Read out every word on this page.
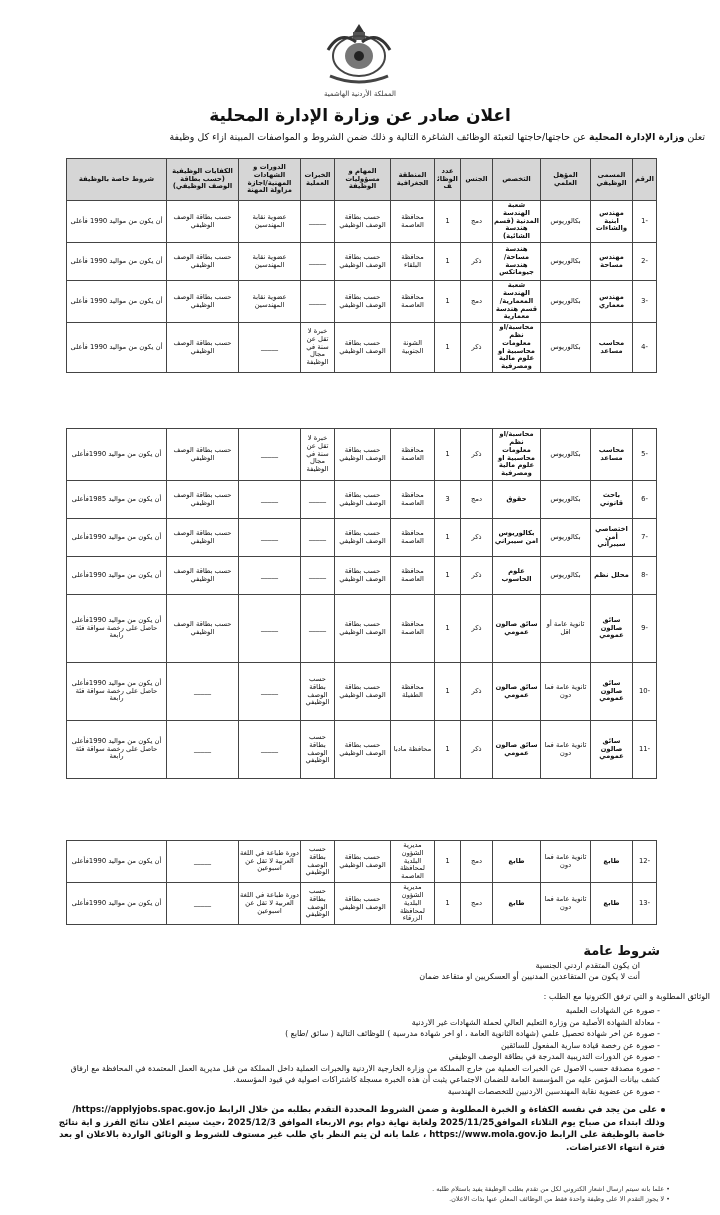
المملكة الأردنية الهاشمية
اعلان صادر عن وزارة الإدارة المحلية
تعلن وزارة الإدارة المحلية عن حاجتها/حاجتها لتعبئة الوظائف الشاغرة التالية و ذلك ضمن الشروط و المواصفات المبينة ازاء كل وظيفة
الرقم	المسمى الوظيفي	المؤهل العلمي	التخصص	الجنس	عدد الوظائف	المنطقة الجغرافية	المهام و مسؤوليات الوظيفة	الخبرات العملية	الدورات و الشهادات المهنية/اجازة مزاولة المهنة	الكفايات الوظيفية (حسب بطاقة الوصف الوظيفي)	شروط خاصة بالوظيفة
-1	مهندس ابنية والشاءات	بكالوريوس	شعبة الهندسة المدنية (قسم هندسة الشائية)	دمج	1	محافظة العاصمة	حسب بطاقة الوصف الوظيفي	_____	عضوية نقابة المهندسين	حسب بطاقة الوصف الوظيفي	أن يكون من مواليد 1990 فأعلى
-2	مهندس مساحة	بكالوريوس	هندسة مساحة/ هندسة جيوماتكس	ذكر	1	محافظة البلقاء	حسب بطاقة الوصف الوظيفي	_____	عضوية نقابة المهندسين	حسب بطاقة الوصف الوظيفي	أن يكون من مواليد 1990 فأعلى
-3	مهندس معماري	بكالوريوس	شعبة الهندسة المعمارية/ قسم هندسة معمارية	دمج	1	محافظة العاصمة	حسب بطاقة الوصف الوظيفي	_____	عضوية نقابة المهندسين	حسب بطاقة الوصف الوظيفي	أن يكون من مواليد 1990 فأعلى
-4	محاسب مساعد	بكالوريوس	محاسبة/او نظم معلومات محاسبية او علوم مالية ومصرفية	ذكر	1	الشونة الجنوبية	حسب بطاقة الوصف الوظيفي	خبرة لا تقل عن سنة في مجال الوظيفة	_____	حسب بطاقة الوصف الوظيفي	أن يكون من مواليد 1990 فأعلى
-5	محاسب مساعد	بكالوريوس	محاسبة/او نظم معلومات محاسبية او علوم مالية ومصرفية	ذكر	1	محافظة العاصمة	حسب بطاقة الوصف الوظيفي	خبرة لا تقل عن سنة في مجال الوظيفة	_____	حسب بطاقة الوصف الوظيفي	أن يكون من مواليد 1990فأعلى
-6	باحث قانوني	بكالوريوس	حقوق	دمج	3	محافظة العاصمة	حسب بطاقة الوصف الوظيفي	_____	_____	حسب بطاقة الوصف الوظيفي	أن يكون من مواليد 1985فأعلى
-7	اختصاصي أمن سيبراني	بكالوريوس	بكالوريوس امن سيبراني	ذكر	1	محافظة العاصمة	حسب بطاقة الوصف الوظيفي	_____	_____	حسب بطاقة الوصف الوظيفي	أن يكون من مواليد 1990فأعلى
-8	محلل نظم	بكالوريوس	علوم الحاسوب	ذكر	1	محافظة العاصمة	حسب بطاقة الوصف الوظيفي	_____	_____	حسب بطاقة الوصف الوظيفي	أن يكون من مواليد 1990فأعلى
-9	سائق صالون عمومي	ثانوية عامة أو اقل	سائق صالون عمومي	ذكر	1	محافظة العاصمة	حسب بطاقة الوصف الوظيفي	_____	_____	حسب بطاقة الوصف الوظيفي	أن يكون من مواليد 1990فأعلى حاصل على رخصة سواقة فئة رابعة
-10	سائق صالون عمومي	ثانوية عامة فما دون	سائق صالون عمومي	ذكر	1	محافظة الطفيلة	حسب بطاقة الوصف الوظيفي	حسب بطاقة الوصف الوظيفي	_____	_____	أن يكون من مواليد 1990فأعلى حاصل على رخصة سواقة فئة رابعة
-11	سائق صالون عمومي	ثانوية عامة فما دون	سائق صالون عمومي	ذكر	1	محافظة مادبا	حسب بطاقة الوصف الوظيفي	حسب بطاقة الوصف الوظيفي	_____	_____	أن يكون من مواليد 1990فأعلى حاصل على رخصة سواقة فئة رابعة
-12	طابع	ثانوية عامة فما دون	طابع	دمج	1	مديرية الشؤون البلدية لمحافظة العاصمة	حسب بطاقة الوصف الوظيفي	حسب بطاقة الوصف الوظيفي	دورة طباعة في اللغة العربية لا تقل عن اسبوعين	_____	أن يكون من مواليد 1990فأعلى
-13	طابع	ثانوية عامة فما دون	طابع	دمج	1	مديرية الشؤون البلدية لمحافظة الزرقاء	حسب بطاقة الوصف الوظيفي	حسب بطاقة الوصف الوظيفي	دورة طباعة في اللغة العربية لا تقل عن اسبوعين	_____	أن يكون من مواليد 1990فأعلى
شروط عامة
ان يكون المتقدم اردني الجنسية
أنت لا يكون من المتقاعدين المدنيين أو العسكريين او متقاعد ضمان
الوثائق المطلوبة و التي ترفق الكترونيا مع الطلب :
- صورة عن الشهادات العلمية
- معادلة الشهادة الأصلية من وزارة التعليم العالي لحملة الشهادات غير الاردنية
- صورة عن اخر شهادة تحصيل علمي (شهادة الثانوية العامة ، او اخر شهادة مدرسية ) للوظائف التالية ( سائق /طابع )
- صورة عن رخصة قيادة سارية المفعول للسائقين
- صورة عن الدورات التدريبية المدرجة في بطاقة الوصف الوظيفي
- صورة مصدقة حسب الاصول عن الخبرات العملية من خارج المملكة من وزارة الخارجية الاردنية والخبرات العملية داخل المملكة من قبل مديرية العمل المعتمدة في المحافظة مع ارفاق كشف بيانات المؤمن عليه من المؤسسة العامة للضمان الاجتماعي يثبت أن هذه الخبرة مسجلة كاشتراكات اصولية في قيود المؤسسة.
- صورة عن عضوية نقابة المهندسين الاردنيين للتخصصات الهندسية
على من يجد في نفسه الكفاءة و الخبرة المطلوبة و ضمن الشروط المحددة التقدم بطلبه من خلال الرابط https://applyjobs.spac.gov.jo/ وذلك ابتداء من صباح يوم الثلاثاء الموافق2025/11/25 ولغاية نهاية دوام يوم الاربعاء الموافق 2025/12/3 ،حيث سيتم اعلان نتائج الفرز و اية نتائج خاصة بالوظيفة على الرابط https://www.mola.gov.jo ، علما بانه لن يتم النظر باي طلب غير مستوف للشروط و الوثائق الواردة بالاعلان او بعد فترة انتهاء الاعتراضات.
• علما بانه سيتم ارسال اشعار الكتروني لكل من تقدم بطلب الوظيفة يفيد باستلام طلبه .
• لا يجوز التقدم الا على وظيفة واحدة فقط من الوظائف المعلن عنها بذات الاعلان.
